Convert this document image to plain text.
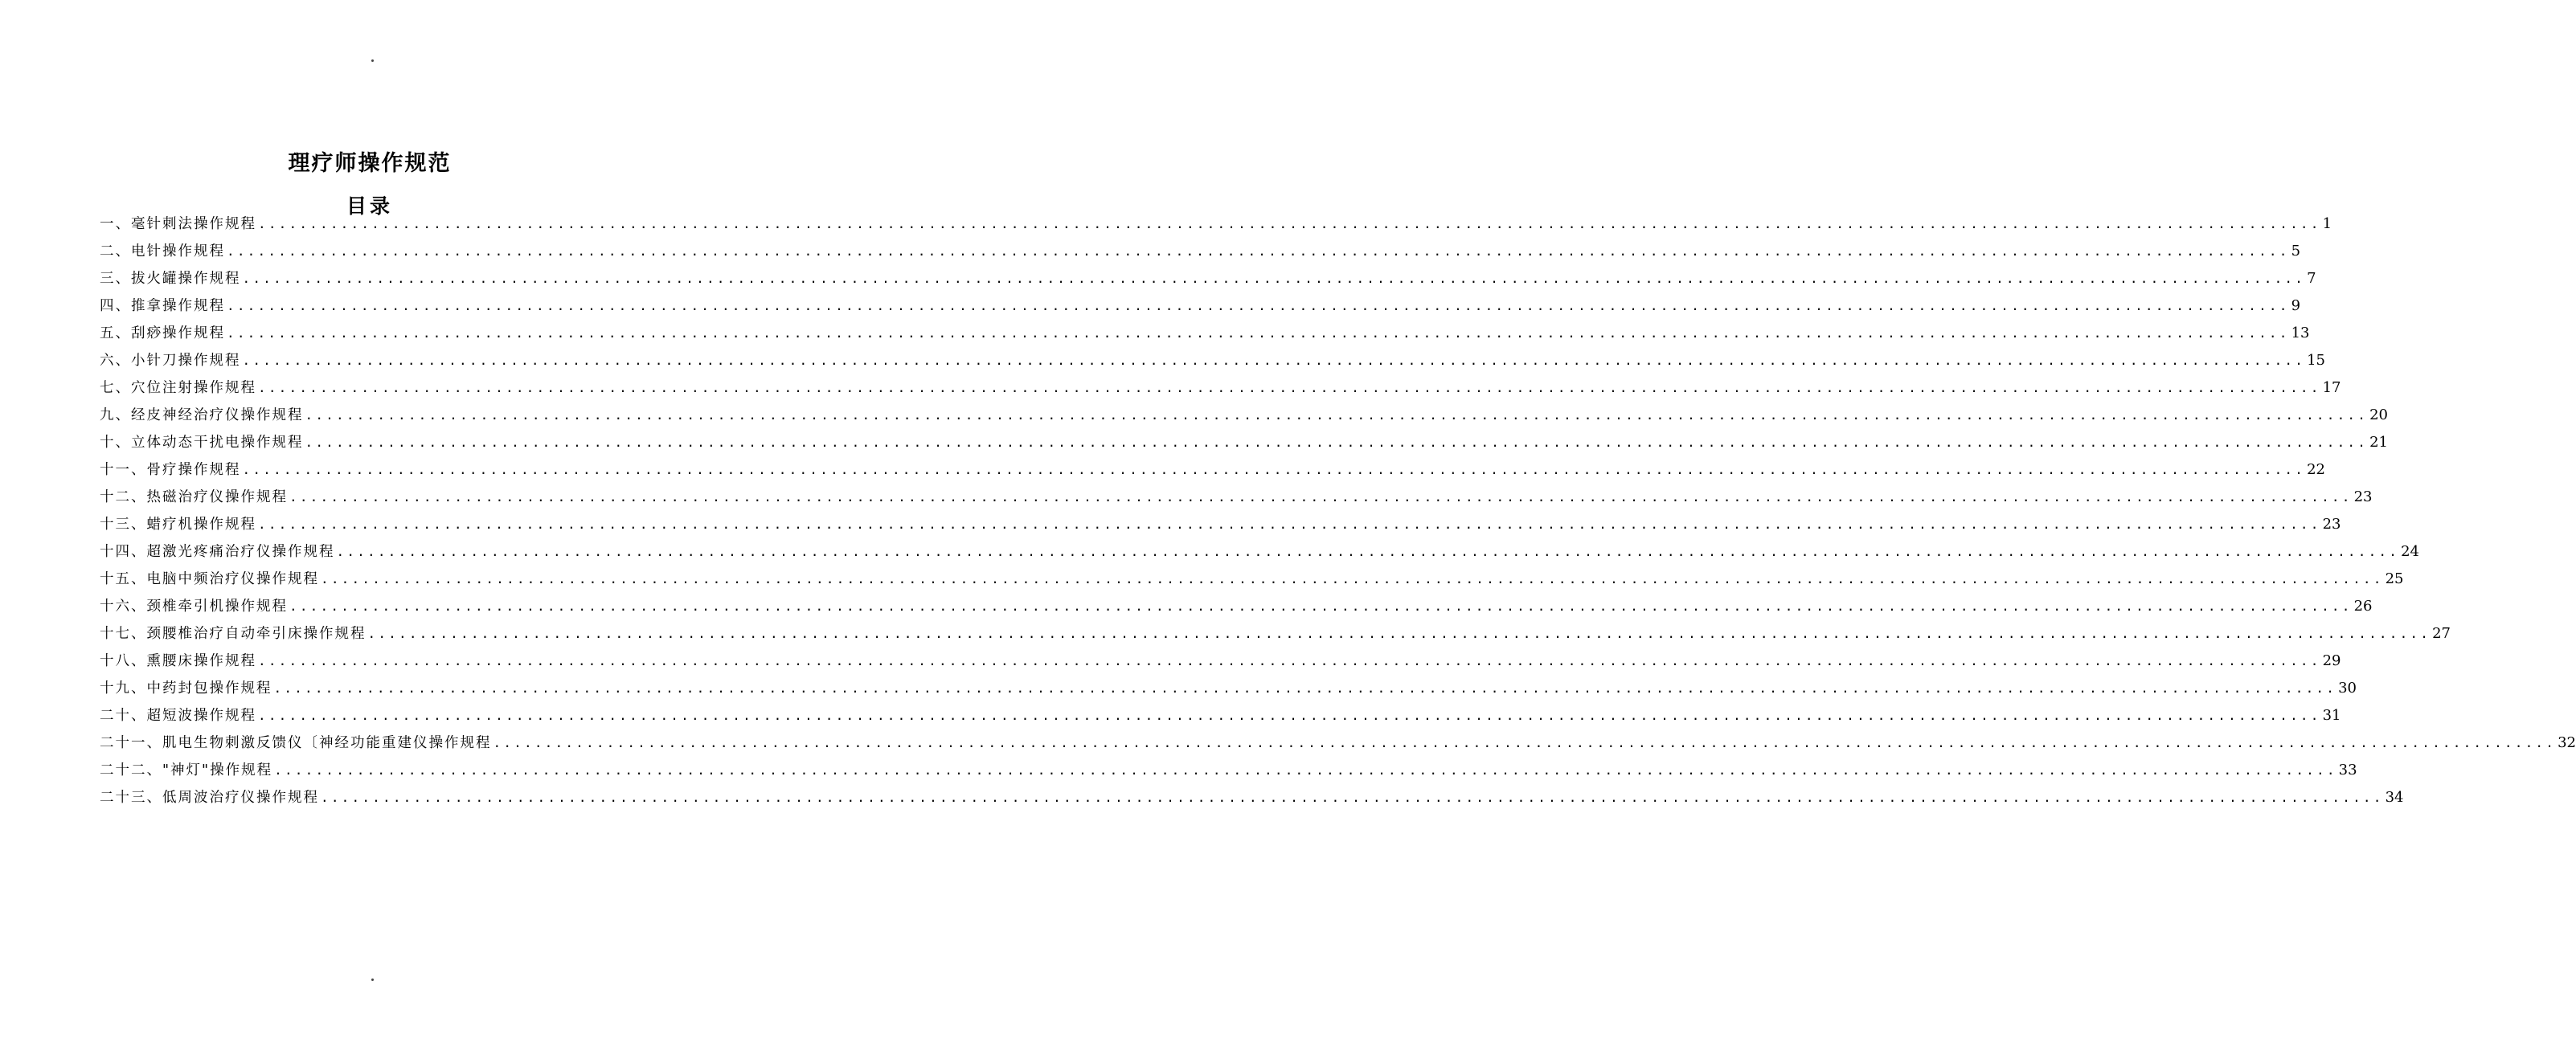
理疗师操作规范
目录
一、毫针刺法操作规程 ........................................................................................................................................................................................................ 1
二、电针操作规程 ........................................................................................................................................................................................................ 5
三、拔火罐操作规程 ........................................................................................................................................................................................................ 7
四、推拿操作规程 ........................................................................................................................................................................................................ 9
五、刮痧操作规程 ........................................................................................................................................................................................................ 13
六、小针刀操作规程 ........................................................................................................................................................................................................ 15
七、穴位注射操作规程 ........................................................................................................................................................................................................ 17
九、经皮神经治疗仪操作规程 ........................................................................................................................................................................................................ 20
十、立体动态干扰电操作规程 ........................................................................................................................................................................................................ 21
十一、骨疗操作规程 ........................................................................................................................................................................................................ 22
十二、热磁治疗仪操作规程 ........................................................................................................................................................................................................ 23
十三、蜡疗机操作规程 ........................................................................................................................................................................................................ 23
十四、超激光疼痛治疗仪操作规程 ........................................................................................................................................................................................................ 24
十五、电脑中频治疗仪操作规程 ........................................................................................................................................................................................................ 25
十六、颈椎牵引机操作规程 ........................................................................................................................................................................................................ 26
十七、颈腰椎治疗自动牵引床操作规程 ........................................................................................................................................................................................................ 27
十八、熏腰床操作规程 ........................................................................................................................................................................................................ 29
十九、中药封包操作规程 ........................................................................................................................................................................................................ 30
二十、超短波操作规程 ........................................................................................................................................................................................................ 31
二十一、肌电生物刺激反馈仪〔神经功能重建仪操作规程 ........................................................................................................................................................................................................ 32
二十二、"神灯"操作规程 ........................................................................................................................................................................................................ 33
二十三、低周波治疗仪操作规程 ........................................................................................................................................................................................................ 34
